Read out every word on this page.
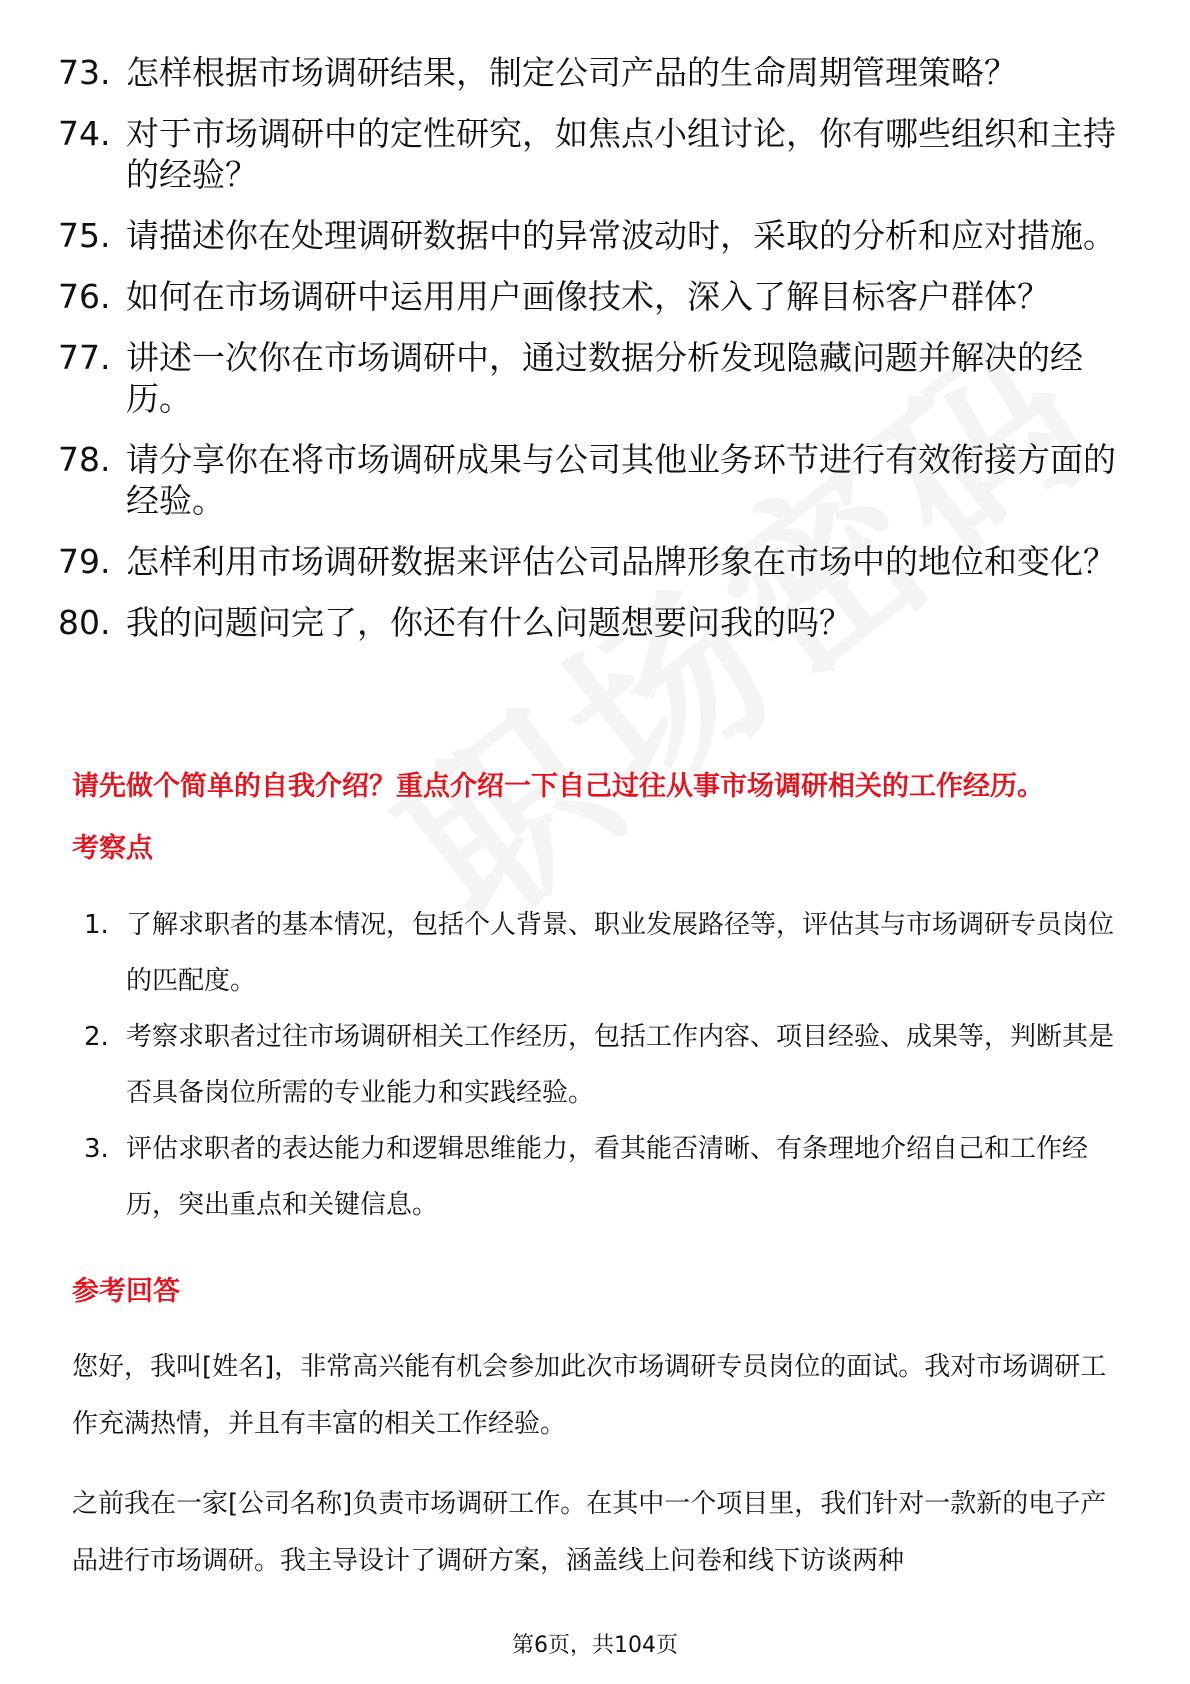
73. 怎样根据市场调研结果，制定公司产品的生命周期管理策略？
74. 对于市场调研中的定性研究，如焦点小组讨论，你有哪些组织和主持的经验？
75. 请描述你在处理调研数据中的异常波动时，采取的分析和应对措施。
76. 如何在市场调研中运用用户画像技术，深入了解目标客户群体？
77. 讲述一次你在市场调研中，通过数据分析发现隐藏问题并解决的经历。
78. 请分享你在将市场调研成果与公司其他业务环节进行有效衔接方面的经验。
79. 怎样利用市场调研数据来评估公司品牌形象在市场中的地位和变化？
80. 我的问题问完了，你还有什么问题想要问我的吗？
请先做个简单的自我介绍？重点介绍一下自己过往从事市场调研相关的工作经历。
考察点
1. 了解求职者的基本情况，包括个人背景、职业发展路径等，评估其与市场调研专员岗位的匹配度。
2. 考察求职者过往市场调研相关工作经历，包括工作内容、项目经验、成果等，判断其是否具备岗位所需的专业能力和实践经验。
3. 评估求职者的表达能力和逻辑思维能力，看其能否清晰、有条理地介绍自己和工作经历，突出重点和关键信息。
参考回答
您好，我叫[姓名]，非常高兴能有机会参加此次市场调研专员岗位的面试。我对市场调研工作充满热情，并且有丰富的相关工作经验。
之前我在一家[公司名称]负责市场调研工作。在其中一个项目里，我们针对一款新的电子产品进行市场调研。我主导设计了调研方案，涵盖线上问卷和线下访谈两种
第6页，共104页
